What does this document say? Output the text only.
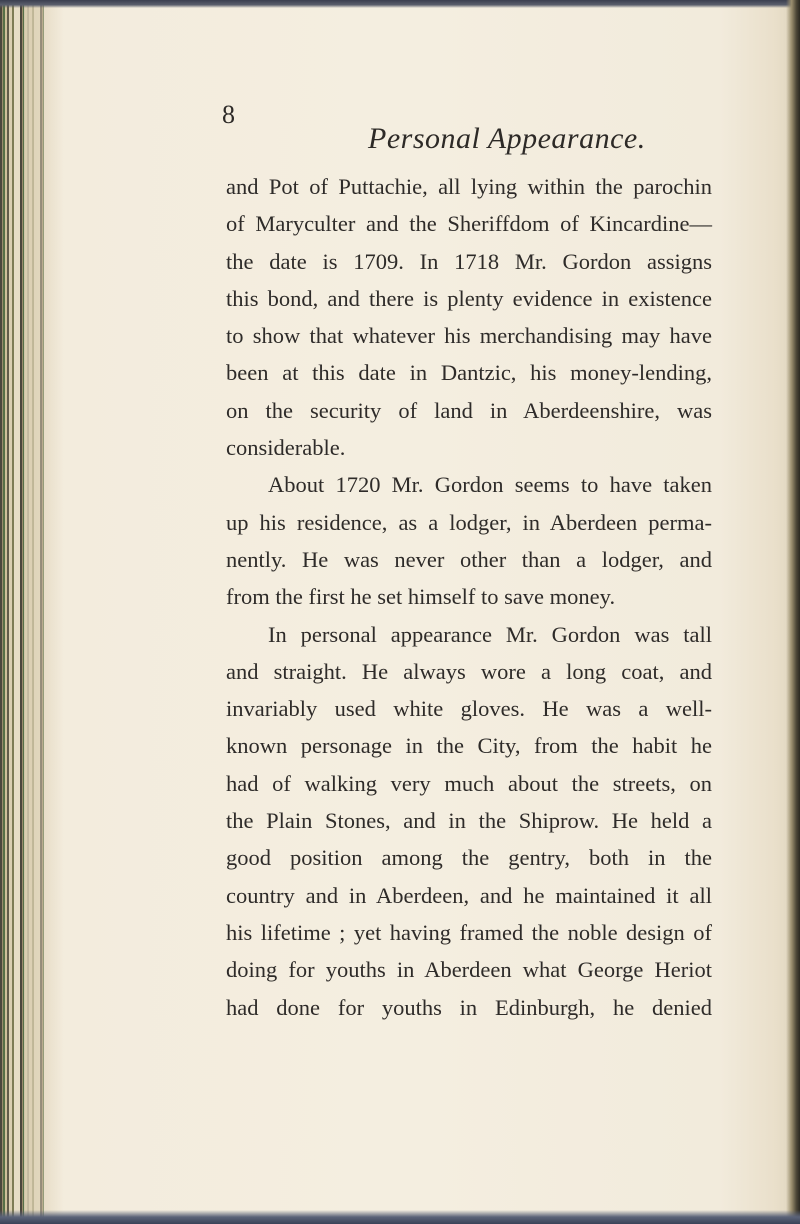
8
Personal Appearance.
and Pot of Puttachie, all lying within the parochin
of Maryculter and the Sheriffdom of Kincardine—
the date is 1709. In 1718 Mr. Gordon assigns
this bond, and there is plenty evidence in existence
to show that whatever his merchandising may have
been at this date in Dantzic, his money-lending,
on the security of land in Aberdeenshire, was
considerable.
About 1720 Mr. Gordon seems to have taken
up his residence, as a lodger, in Aberdeen perma-
nently. He was never other than a lodger, and
from the first he set himself to save money.
In personal appearance Mr. Gordon was tall
and straight. He always wore a long coat, and
invariably used white gloves. He was a well-
known personage in the City, from the habit he
had of walking very much about the streets, on
the Plain Stones, and in the Shiprow. He held a
good position among the gentry, both in the
country and in Aberdeen, and he maintained it all
his lifetime ; yet having framed the noble design of
doing for youths in Aberdeen what George Heriot
had done for youths in Edinburgh, he denied
